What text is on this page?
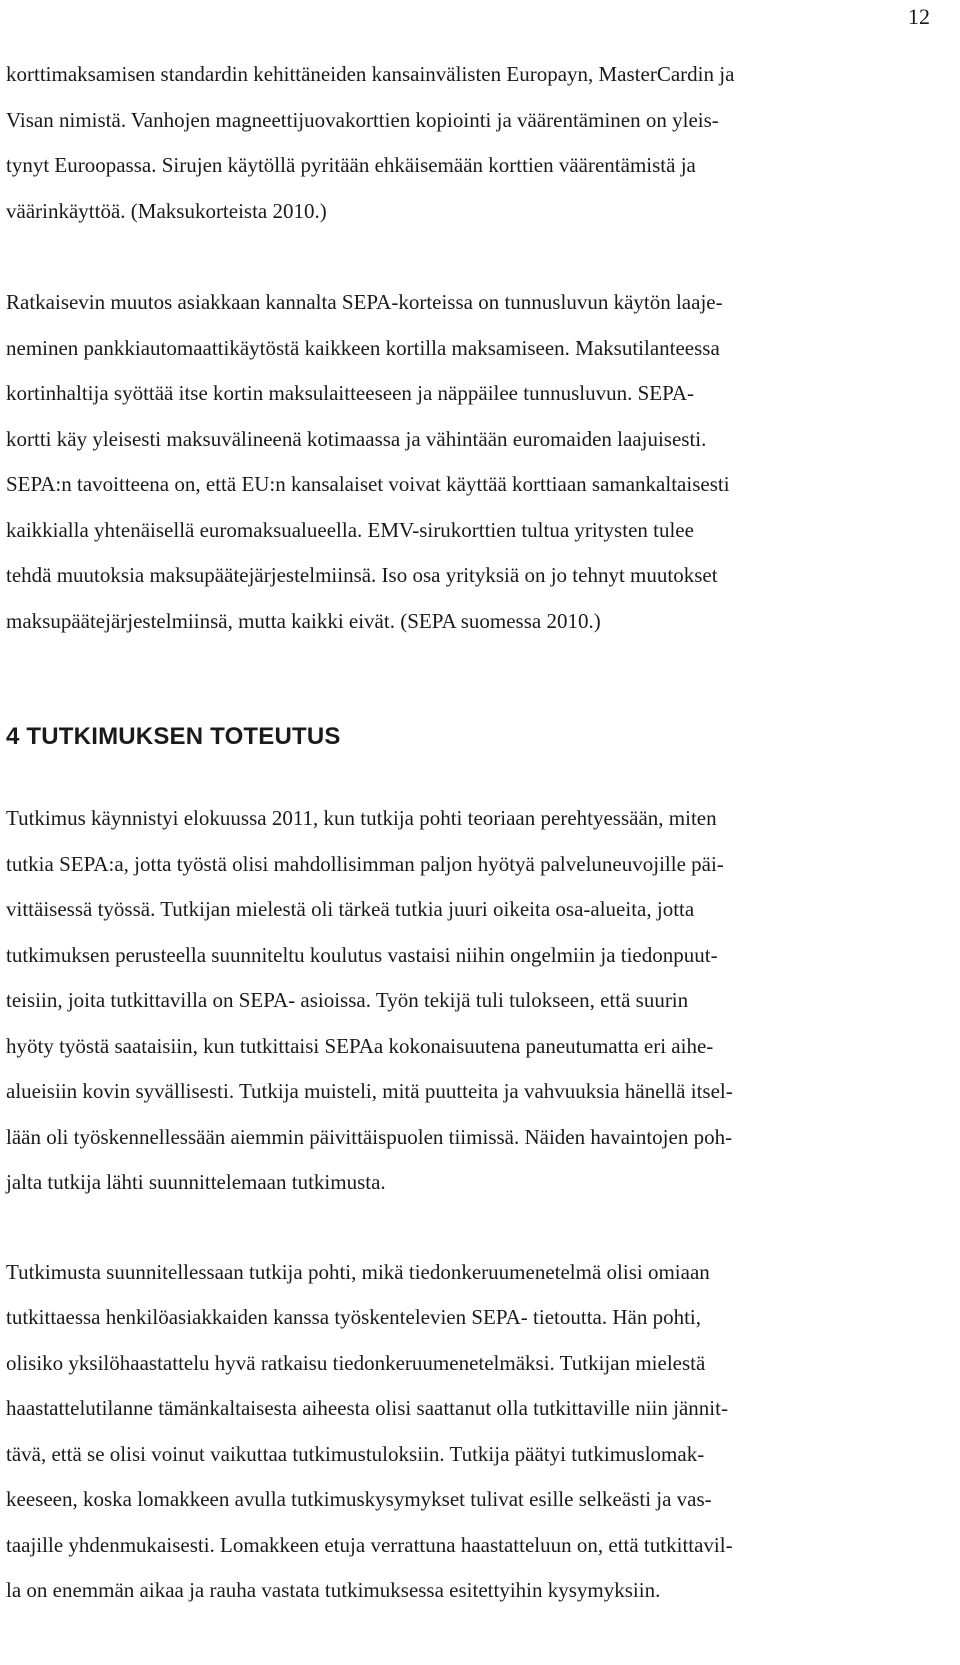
12

korttimaksamisen standardin kehittäneiden kansainvälisten Europayn, MasterCardin ja
Visan nimistä. Vanhojen magneettijuovakorttien kopiointi ja väärentäminen on yleis-
tynyt Euroopassa. Sirujen käytöllä pyritään ehkäisemään korttien väärentämistä ja
väärinkäyttöä. (Maksukorteista 2010.)

Ratkaisevin muutos asiakkaan kannalta SEPA-korteissa on tunnusluvun käytön laaje-
neminen pankkiautomaattikäytöstä kaikkeen kortilla maksamiseen. Maksutilanteessa
kortinhaltija syöttää itse kortin maksulaitteeseen ja näppäilee tunnusluvun. SEPA-
kortti käy yleisesti maksuvälineenä kotimaassa ja vähintään euromaiden laajuisesti.
SEPA:n tavoitteena on, että EU:n kansalaiset voivat käyttää korttiaan samankaltaisesti
kaikkialla yhtenäisellä euromaksualueella. EMV-sirukorttien tultua yritysten tulee
tehdä muutoksia maksupäätejärjestelmiinsä. Iso osa yrityksiä on jo tehnyt muutokset
maksupäätejärjestelmiinsä, mutta kaikki eivät. (SEPA suomessa 2010.)

4 TUTKIMUKSEN TOTEUTUS

Tutkimus käynnistyi elokuussa 2011, kun tutkija pohti teoriaan perehtyessään, miten
tutkia SEPA:a, jotta työstä olisi mahdollisimman paljon hyötyä palveluneuvojille päi-
vittäisessä työssä. Tutkijan mielestä oli tärkeä tutkia juuri oikeita osa-alueita, jotta
tutkimuksen perusteella suunniteltu koulutus vastaisi niihin ongelmiin ja tiedonpuut-
teisiin, joita tutkittavilla on SEPA- asioissa. Työn tekijä tuli tulokseen, että suurin
hyöty työstä saataisiin, kun tutkittaisi SEPAa kokonaisuutena paneutumatta eri aihe-
alueisiin kovin syvällisesti. Tutkija muisteli, mitä puutteita ja vahvuuksia hänellä itsel-
lään oli työskennellessään aiemmin päivittäispuolen tiimissä. Näiden havaintojen poh-
jalta tutkija lähti suunnittelemaan tutkimusta.

Tutkimusta suunnitellessaan tutkija pohti, mikä tiedonkeruumenetelmä olisi omiaan
tutkittaessa henkilöasiakkaiden kanssa työskentelevien SEPA- tietoutta. Hän pohti,
olisiko yksilöhaastattelu hyvä ratkaisu tiedonkeruumenetelmäksi. Tutkijan mielestä
haastattelutilanne tämänkaltaisesta aiheesta olisi saattanut olla tutkittaville niin jännit-
tävä, että se olisi voinut vaikuttaa tutkimustuloksiin. Tutkija päätyi tutkimuslomak-
keeseen, koska lomakkeen avulla tutkimuskysymykset tulivat esille selkeästi ja vas-
taajille yhdenmukaisesti. Lomakkeen etuja verrattuna haastatteluun on, että tutkittavil-
la on enemmän aikaa ja rauha vastata tutkimuksessa esitettyihin kysymyksiin.
